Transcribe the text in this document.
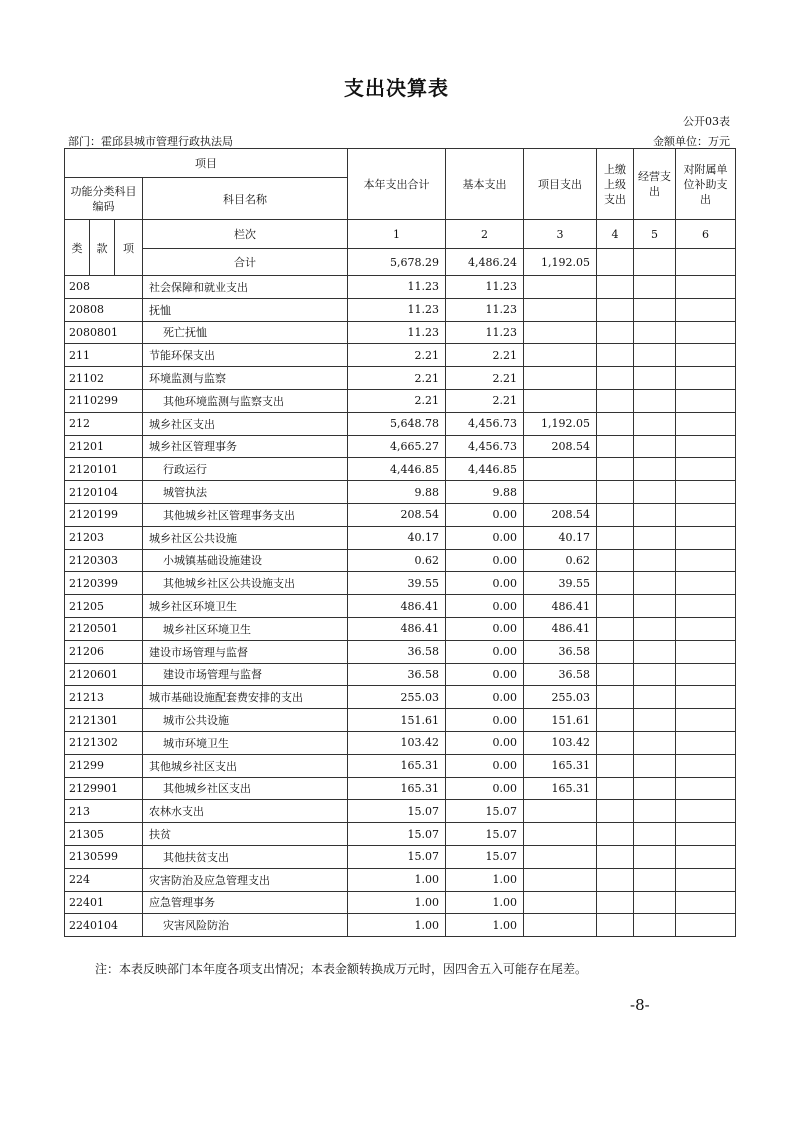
支出决算表
公开03表
部门：霍邱县城市管理行政执法局	金额单位：万元
项目				本年支出合计	基本支出	项目支出	上缴上级支出	经营支出	对附属单位补助支出
功能分类科目编码			科目名称						
类	款	项	栏次	1	2	3	4	5	6
			合计	5,678.29	4,486.24	1,192.05			
208			社会保障和就业支出	11.23	11.23				
20808			抚恤	11.23	11.23				
2080801			死亡抚恤	11.23	11.23				
211			节能环保支出	2.21	2.21				
21102			环境监测与监察	2.21	2.21				
2110299			其他环境监测与监察支出	2.21	2.21				
212			城乡社区支出	5,648.78	4,456.73	1,192.05			
21201			城乡社区管理事务	4,665.27	4,456.73	208.54			
2120101			行政运行	4,446.85	4,446.85				
2120104			城管执法	9.88	9.88				
2120199			其他城乡社区管理事务支出	208.54	0.00	208.54			
21203			城乡社区公共设施	40.17	0.00	40.17			
2120303			小城镇基础设施建设	0.62	0.00	0.62			
2120399			其他城乡社区公共设施支出	39.55	0.00	39.55			
21205			城乡社区环境卫生	486.41	0.00	486.41			
2120501			城乡社区环境卫生	486.41	0.00	486.41			
21206			建设市场管理与监督	36.58	0.00	36.58			
2120601			建设市场管理与监督	36.58	0.00	36.58			
21213			城市基础设施配套费安排的支出	255.03	0.00	255.03			
2121301			城市公共设施	151.61	0.00	151.61			
2121302			城市环境卫生	103.42	0.00	103.42			
21299			其他城乡社区支出	165.31	0.00	165.31			
2129901			其他城乡社区支出	165.31	0.00	165.31			
213			农林水支出	15.07	15.07				
21305			扶贫	15.07	15.07				
2130599			其他扶贫支出	15.07	15.07				
224			灾害防治及应急管理支出	1.00	1.00				
22401			应急管理事务	1.00	1.00				
2240104			灾害风险防治	1.00	1.00				
注：本表反映部门本年度各项支出情况；本表金额转换成万元时，因四舍五入可能存在尾差。
-8-
